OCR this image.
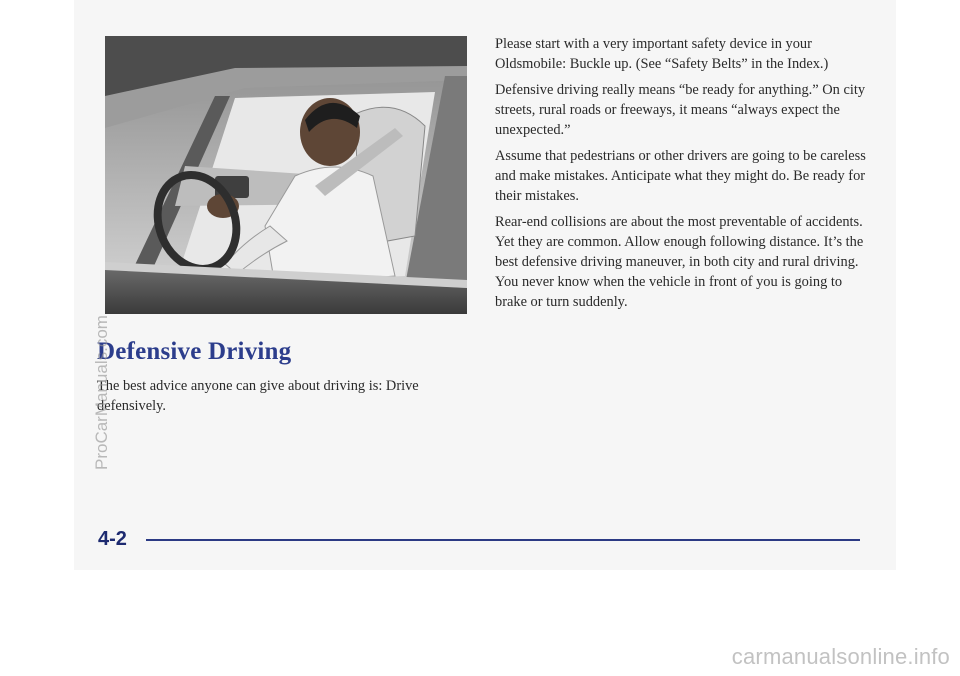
Defensive Driving

The best advice anyone can give about driving is: Drive defensively.

Please start with a very important safety device in your Oldsmobile: Buckle up. (See “Safety Belts” in the Index.)

Defensive driving really means “be ready for anything.” On city streets, rural roads or freeways, it means “always expect the unexpected.”

Assume that pedestrians or other drivers are going to be careless and make mistakes. Anticipate what they might do. Be ready for their mistakes.

Rear-end collisions are about the most preventable of accidents. Yet they are common. Allow enough following distance. It’s the best defensive driving maneuver, in both city and rural driving. You never know when the vehicle in front of you is going to brake or turn suddenly.

4-2
ProCarManuals.com
carmanualsonline.info
